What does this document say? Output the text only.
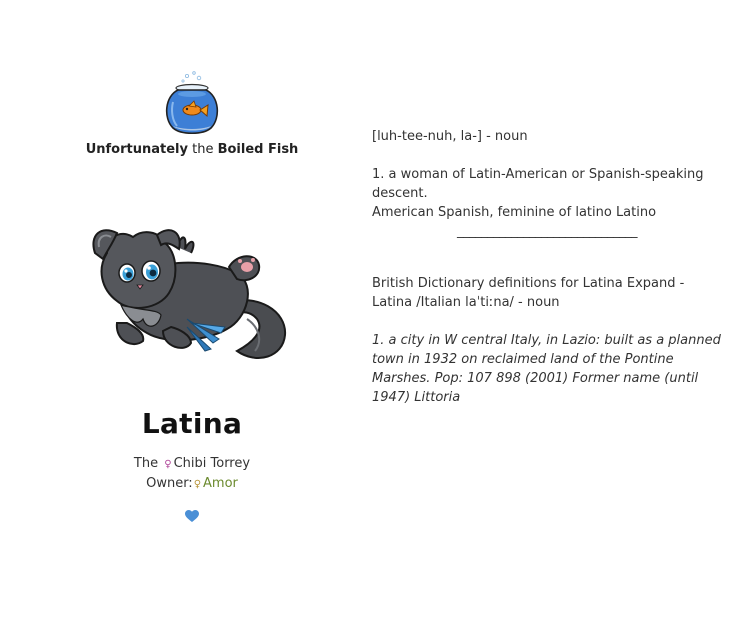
Unfortunately the Boiled Fish
Latina
The ♀ Chibi Torrey
Owner:♀ Amor

[luh-tee-nuh, la-] - noun

1. a woman of Latin-American or Spanish-speaking descent.

American Spanish, feminine of latino Latino

______________________________

British Dictionary definitions for Latina Expand - Latina /Italian laˈtiːna/ - noun

1. a city in W central Italy, in Lazio: built as a planned town in 1932 on reclaimed land of the Pontine Marshes. Pop: 107 898 (2001) Former name (until 1947) Littoria
